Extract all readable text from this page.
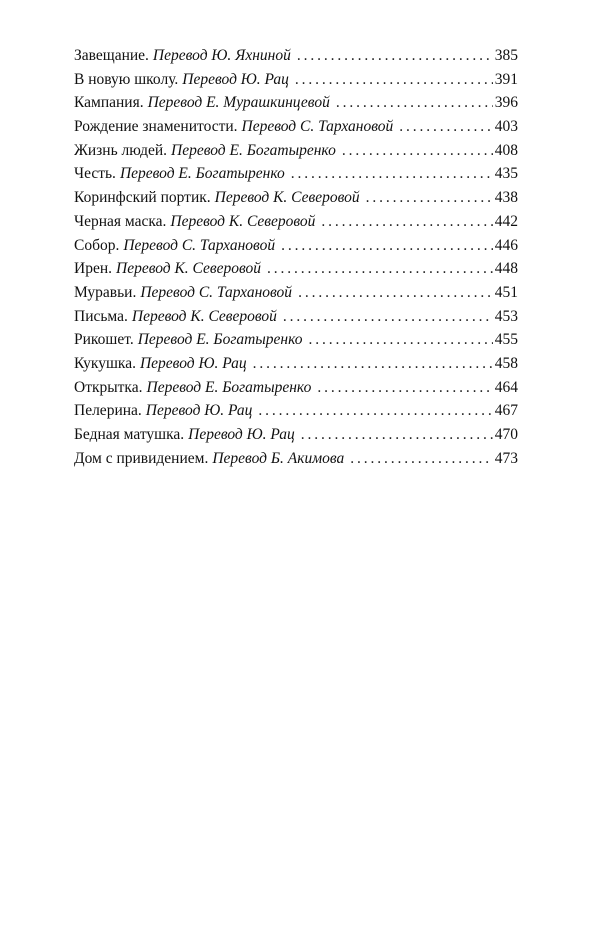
Завещание. Перевод Ю. Яхниной . . .	385
В новую школу. Перевод Ю. Рац . . .	391
Кампания. Перевод Е. Мурашкинцевой . . .	396
Рождение знаменитости. Перевод С. Тархановой . . .	403
Жизнь людей. Перевод Е. Богатыренко . . .	408
Честь. Перевод Е. Богатыренко . . .	435
Коринфский портик. Перевод К. Северовой . . .	438
Черная маска. Перевод К. Северовой . . .	442
Собор. Перевод С. Тархановой . . .	446
Ирен. Перевод К. Северовой . . .	448
Муравьи. Перевод С. Тархановой . . .	451
Письма. Перевод К. Северовой . . .	453
Рикошет. Перевод Е. Богатыренко . . .	455
Кукушка. Перевод Ю. Рац . . .	458
Открытка. Перевод Е. Богатыренко . . .	464
Пелерина. Перевод Ю. Рац . . .	467
Бедная матушка. Перевод Ю. Рац . . .	470
Дом с привидением. Перевод Б. Акимова . . .	473
